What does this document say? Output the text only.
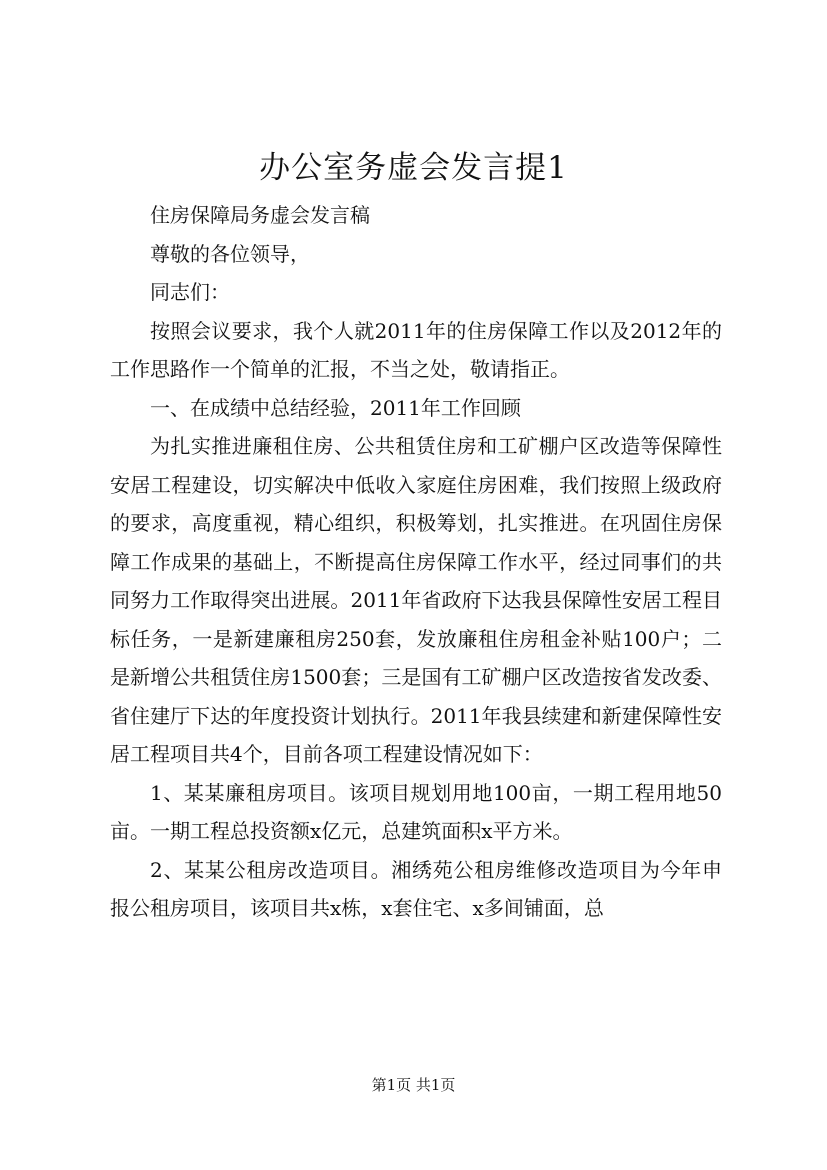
办公室务虚会发言提1

住房保障局务虚会发言稿

尊敬的各位领导，

同志们：

按照会议要求，我个人就2011年的住房保障工作以及2012年的工作思路作一个简单的汇报，不当之处，敬请指正。

一、在成绩中总结经验，2011年工作回顾

为扎实推进廉租住房、公共租赁住房和工矿棚户区改造等保障性安居工程建设，切实解决中低收入家庭住房困难，我们按照上级政府的要求，高度重视，精心组织，积极筹划，扎实推进。在巩固住房保障工作成果的基础上，不断提高住房保障工作水平，经过同事们的共同努力工作取得突出进展。2011年省政府下达我县保障性安居工程目标任务，一是新建廉租房250套，发放廉租住房租金补贴100户；二是新增公共租赁住房1500套；三是国有工矿棚户区改造按省发改委、省住建厅下达的年度投资计划执行。2011年我县续建和新建保障性安居工程项目共4个，目前各项工程建设情况如下：

1、某某廉租房项目。该项目规划用地100亩，一期工程用地50亩。一期工程总投资额x亿元，总建筑面积x平方米。

2、某某公租房改造项目。湘绣苑公租房维修改造项目为今年申报公租房项目，该项目共x栋，x套住宅、x多间铺面，总

第1页 共1页
